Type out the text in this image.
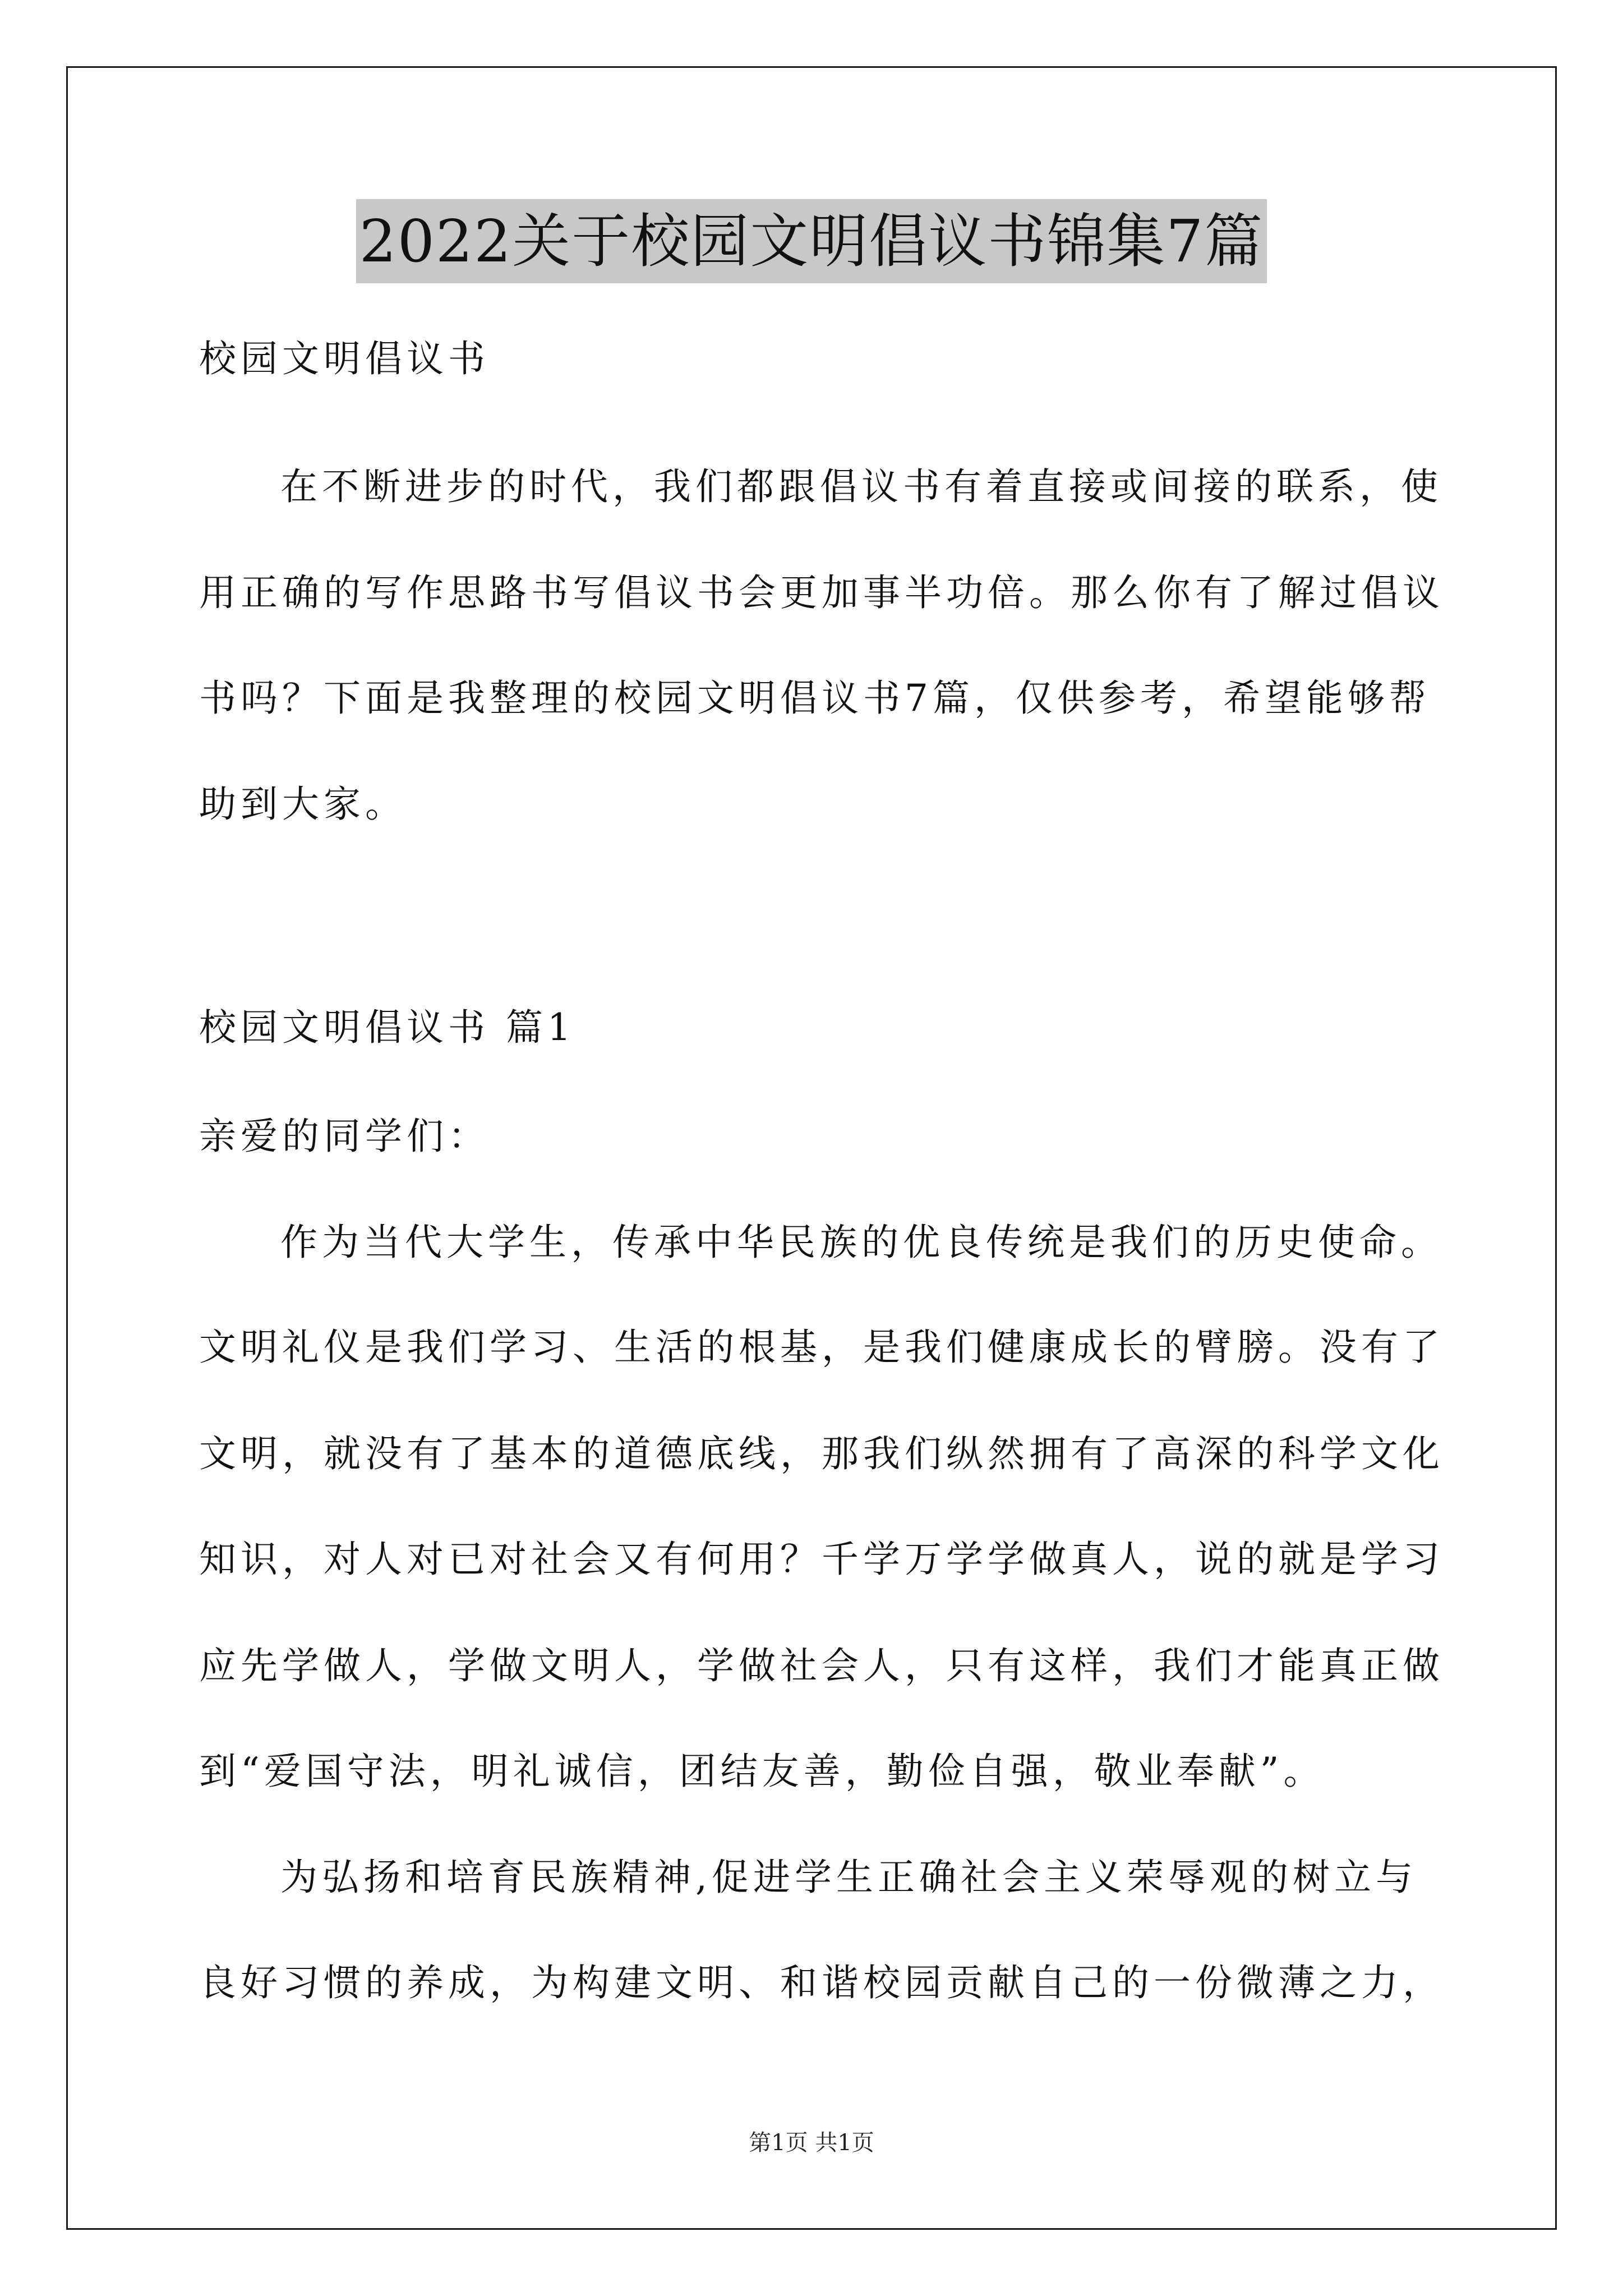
2022关于校园文明倡议书锦集7篇
校园文明倡议书
在不断进步的时代，我们都跟倡议书有着直接或间接的联系，使
用正确的写作思路书写倡议书会更加事半功倍。那么你有了解过倡议
书吗？下面是我整理的校园文明倡议书7篇，仅供参考，希望能够帮
助到大家。
校园文明倡议书 篇1
亲爱的同学们：
作为当代大学生，传承中华民族的优良传统是我们的历史使命。
文明礼仪是我们学习、生活的根基，是我们健康成长的臂膀。没有了
文明，就没有了基本的道德底线，那我们纵然拥有了高深的科学文化
知识，对人对已对社会又有何用？千学万学学做真人，说的就是学习
应先学做人，学做文明人，学做社会人，只有这样，我们才能真正做
到“爱国守法，明礼诚信，团结友善，勤俭自强，敬业奉献”。
为弘扬和培育民族精神,促进学生正确社会主义荣辱观的树立与
良好习惯的养成，为构建文明、和谐校园贡献自己的一份微薄之力，
第1页 共1页
